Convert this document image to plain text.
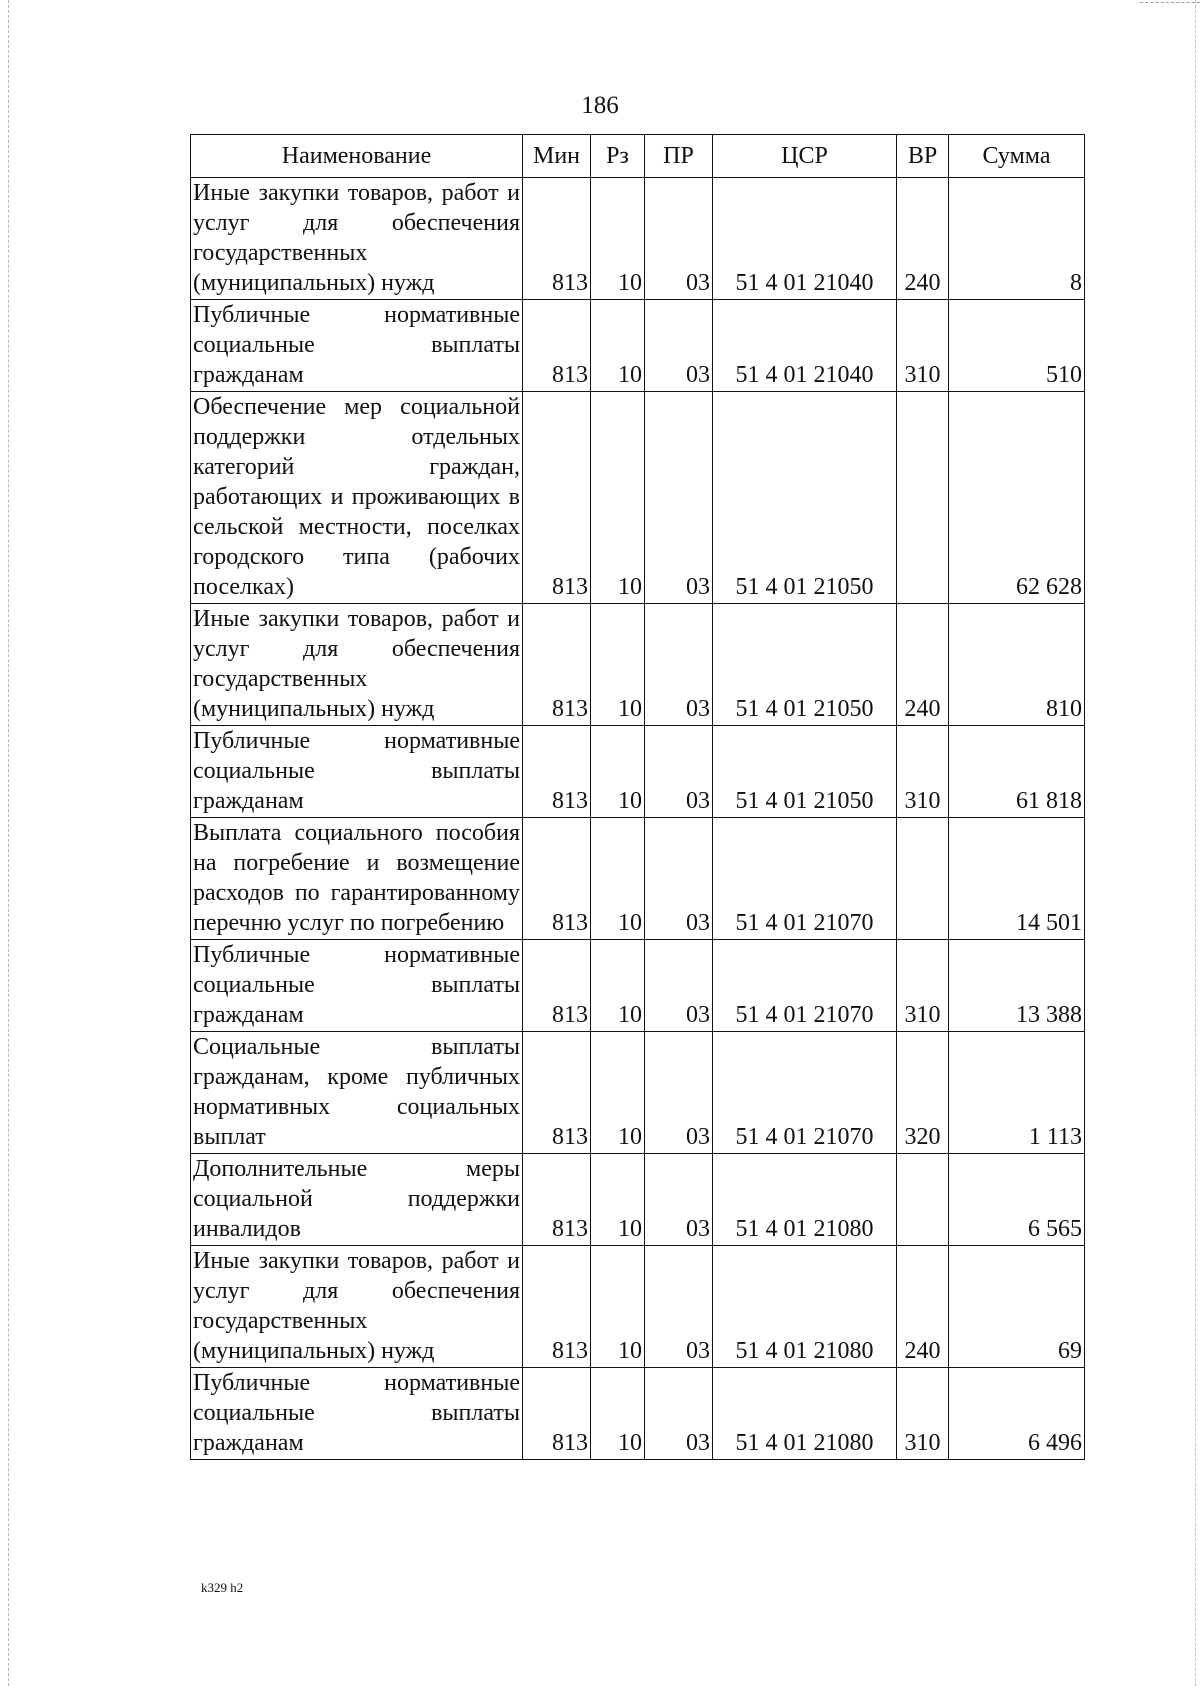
186
Наименование	Мин	Рз	ПР	ЦСР	ВР	Сумма
Иные закупки товаров, работ и услуг для обеспечения государственных (муниципальных) нужд	813	10	03	51 4 01 21040	240	8
Публичные нормативные социальные выплаты гражданам	813	10	03	51 4 01 21040	310	510
Обеспечение мер социальной поддержки отдельных категорий граждан, работающих и проживающих в сельской местности, поселках городского типа (рабочих поселках)	813	10	03	51 4 01 21050		62 628
Иные закупки товаров, работ и услуг для обеспечения государственных (муниципальных) нужд	813	10	03	51 4 01 21050	240	810
Публичные нормативные социальные выплаты гражданам	813	10	03	51 4 01 21050	310	61 818
Выплата социального пособия на погребение и возмещение расходов по гарантированному перечню услуг по погребению	813	10	03	51 4 01 21070		14 501
Публичные нормативные социальные выплаты гражданам	813	10	03	51 4 01 21070	310	13 388
Социальные выплаты гражданам, кроме публичных нормативных социальных выплат	813	10	03	51 4 01 21070	320	1 113
Дополнительные меры социальной поддержки инвалидов	813	10	03	51 4 01 21080		6 565
Иные закупки товаров, работ и услуг для обеспечения государственных (муниципальных) нужд	813	10	03	51 4 01 21080	240	69
Публичные нормативные социальные выплаты гражданам	813	10	03	51 4 01 21080	310	6 496
k329 h2
